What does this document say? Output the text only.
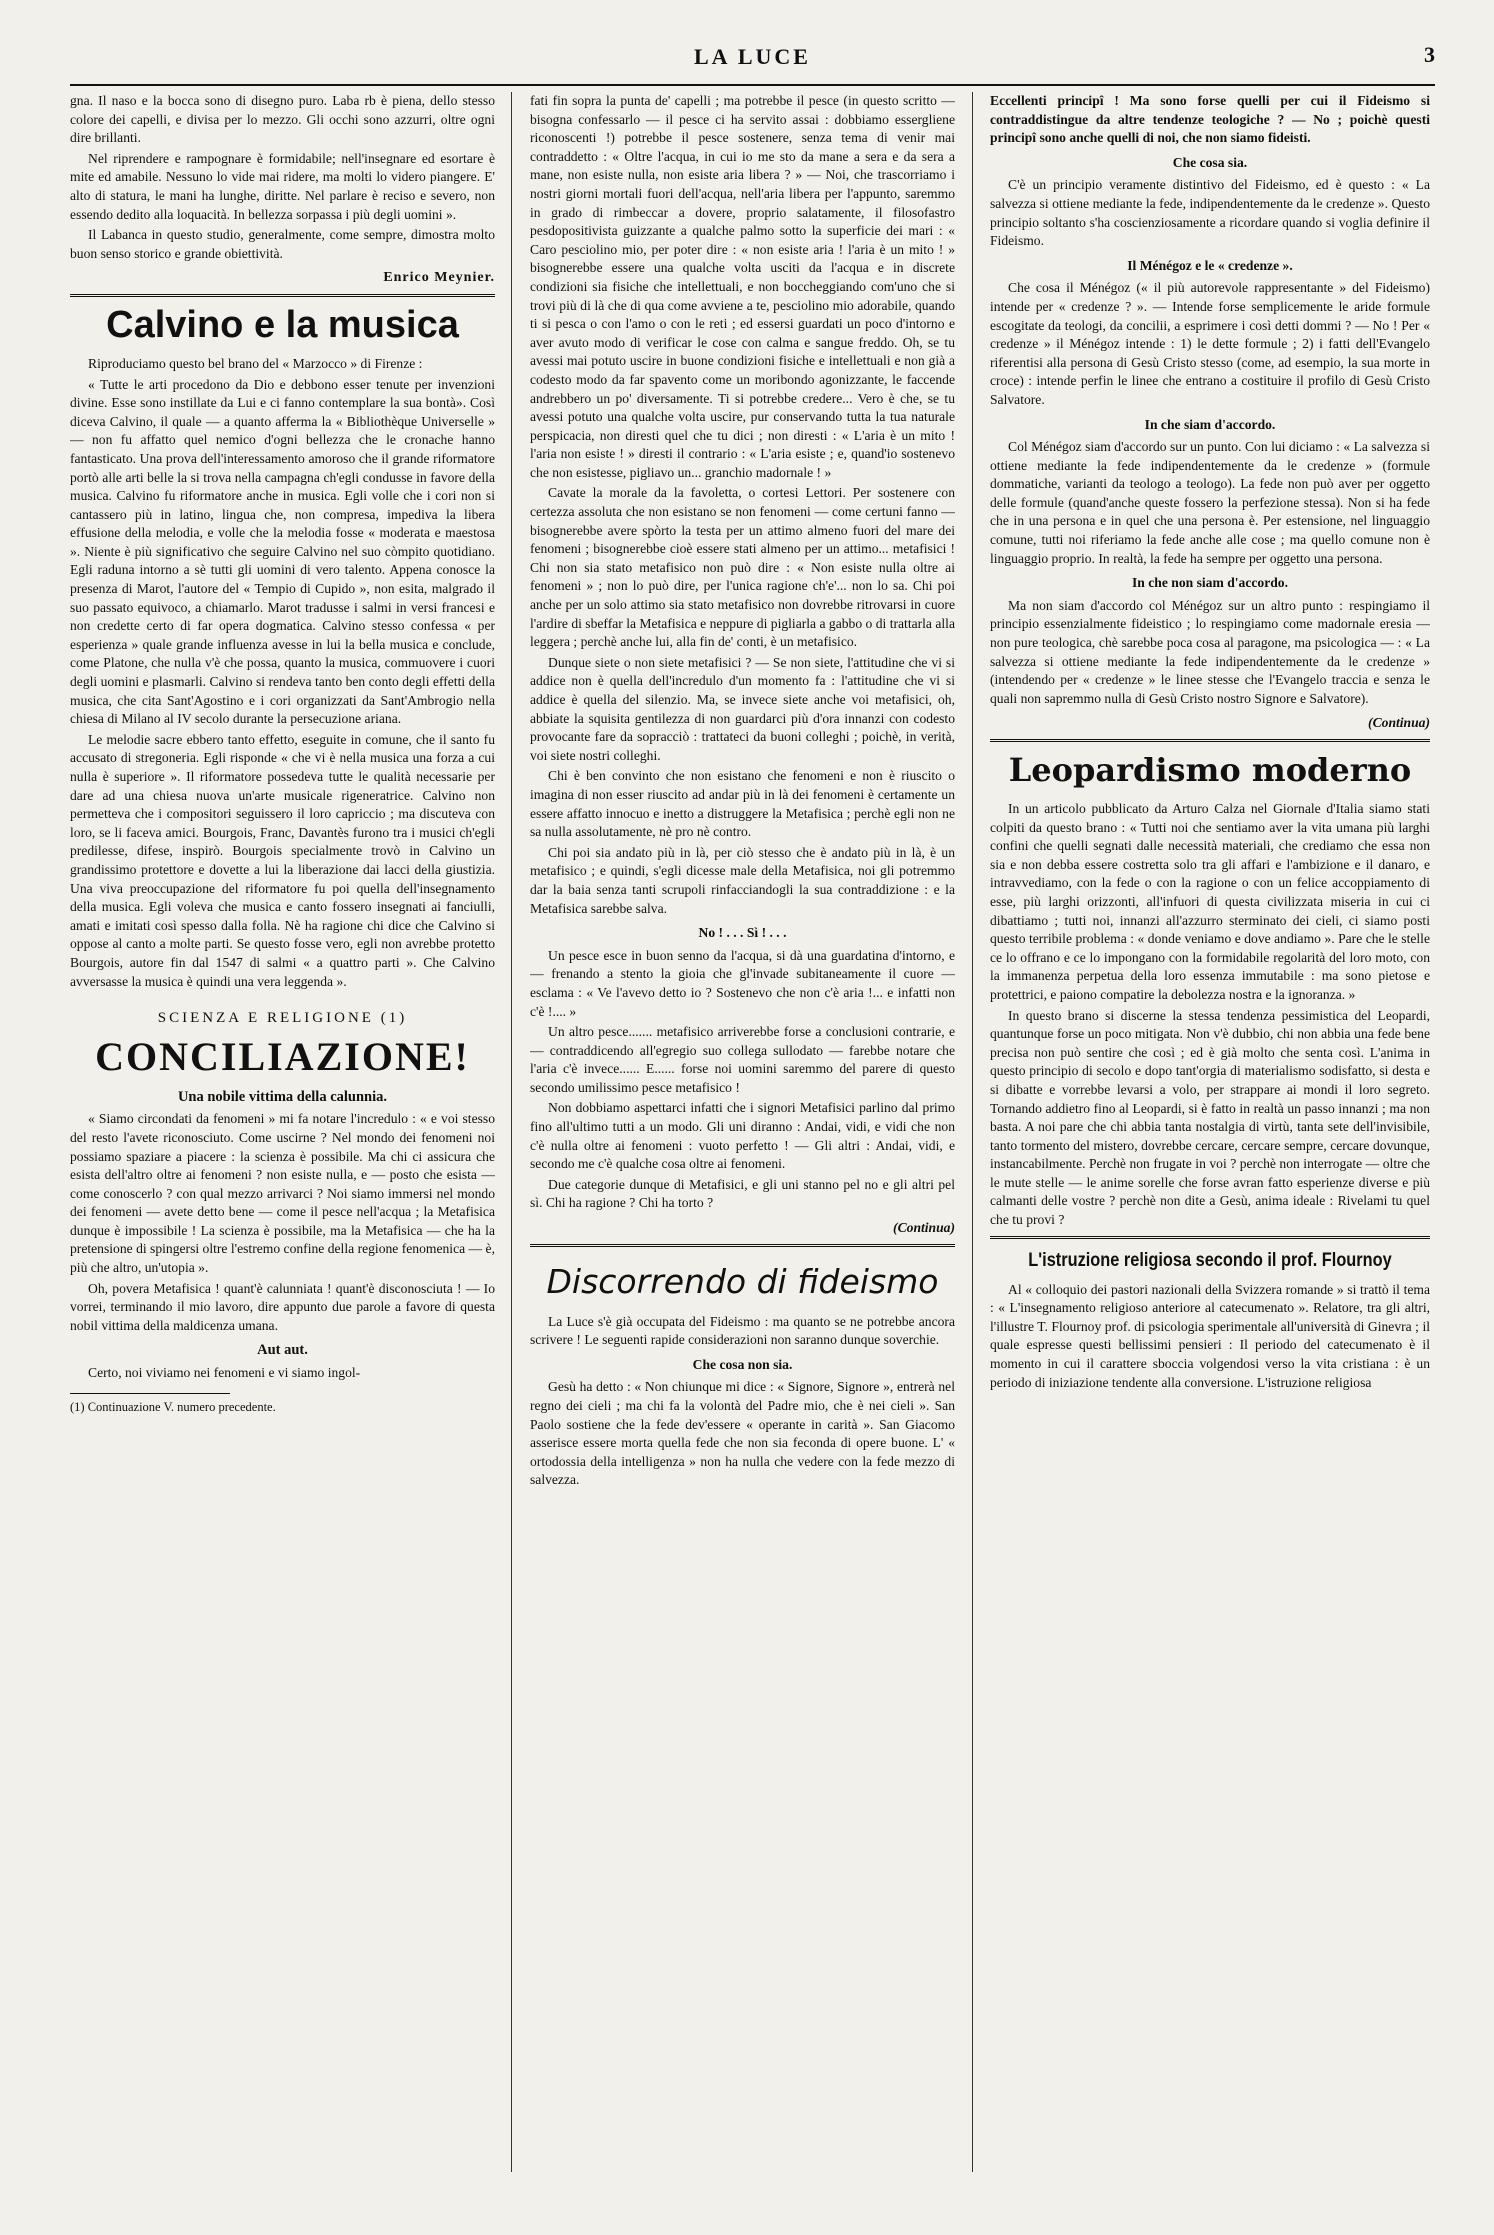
LA LUCE	3

gna. Il naso e la bocca sono di disegno puro. Laba rb è piena, dello stesso colore dei capelli, e divisa per lo mezzo. Gli occhi sono azzurri, oltre ogni dire brillanti.

Nel riprendere e rampognare è formidabile; nell'insegnare ed esortare è mite ed amabile. Nessuno lo vide mai ridere, ma molti lo videro piangere. E' alto di statura, le mani ha lunghe, diritte. Nel parlare è reciso e severo, non essendo dedito alla loquacità. In bellezza sorpassa i più degli uomini ».

Il Labanca in questo studio, generalmente, come sempre, dimostra molto buon senso storico e grande obiettività.

Enrico Meynier.
Calvino e la musica

Riproduciamo questo bel brano del « Marzocco » di Firenze :

« Tutte le arti procedono da Dio e debbono esser tenute per invenzioni divine. Esse sono instillate da Lui e ci fanno contemplare la sua bontà». Così diceva Calvino, il quale — a quanto afferma la « Bibliothèque Universelle » — non fu affatto quel nemico d'ogni bellezza che le cronache hanno fantasticato. Una prova dell'interessamento amoroso che il grande riformatore portò alle arti belle la si trova nella campagna ch'egli condusse in favore della musica. Calvino fu riformatore anche in musica. Egli volle che i cori non si cantassero più in latino, lingua che, non compresa, impediva la libera effusione della melodia, e volle che la melodia fosse « moderata e maestosa ». Niente è più significativo che seguire Calvino nel suo còmpito quotidiano. Egli raduna intorno a sè tutti gli uomini di vero talento. Appena conosce la presenza di Marot, l'autore del « Tempio di Cupido », non esita, malgrado il suo passato equivoco, a chiamarlo. Marot tradusse i salmi in versi francesi e non credette certo di far opera dogmatica. Calvino stesso confessa « per esperienza » quale grande influenza avesse in lui la bella musica e conclude, come Platone, che nulla v'è che possa, quanto la musica, commuovere i cuori degli uomini e plasmarli. Calvino si rendeva tanto ben conto degli effetti della musica, che cita Sant'Agostino e i cori organizzati da Sant'Ambrogio nella chiesa di Milano al IV secolo durante la persecuzione ariana.

Le melodie sacre ebbero tanto effetto, eseguite in comune, che il santo fu accusato di stregoneria. Egli risponde « che vi è nella musica una forza a cui nulla è superiore ». Il riformatore possedeva tutte le qualità necessarie per dare ad una chiesa nuova un'arte musicale rigeneratrice. Calvino non permetteva che i compositori seguissero il loro capriccio ; ma discuteva con loro, se li faceva amici. Bourgois, Franc, Davantès furono tra i musici ch'egli predilesse, difese, inspirò. Bourgois specialmente trovò in Calvino un grandissimo protettore e dovette a lui la liberazione dai lacci della giustizia. Una viva preoccupazione del riformatore fu poi quella dell'insegnamento della musica. Egli voleva che musica e canto fossero insegnati ai fanciulli, amati e imitati così spesso dalla folla. Nè ha ragione chi dice che Calvino si oppose al canto a molte parti. Se questo fosse vero, egli non avrebbe protetto Bourgois, autore fin dal 1547 di salmi « a quattro parti ». Che Calvino avversasse la musica è quindi una vera leggenda ».

SCIENZA E RELIGIONE (1)
CONCILIAZIONE!
Una nobile vittima della calunnia.

« Siamo circondati da fenomeni » mi fa notare l'incredulo : « e voi stesso del resto l'avete riconosciuto. Come uscirne ? Nel mondo dei fenomeni noi possiamo spaziare a piacere : la scienza è possibile. Ma chi ci assicura che esista dell'altro oltre ai fenomeni ? non esiste nulla, e — posto che esista — come conoscerlo ? con qual mezzo arrivarci ? Noi siamo immersi nel mondo dei fenomeni — avete detto bene — come il pesce nell'acqua ; la Metafisica dunque è impossibile ! La scienza è possibile, ma la Metafisica — che ha la pretensione di spingersi oltre l'estremo confine della regione fenomenica — è, più che altro, un'utopia ».

Oh, povera Metafisica ! quant'è calunniata ! quant'è disconosciuta ! — Io vorrei, terminando il mio lavoro, dire appunto due parole a favore di questa nobil vittima della maldicenza umana.

Aut aut.

Certo, noi viviamo nei fenomeni e vi siamo ingol-

(1) Continuazione V. numero precedente.

fati fin sopra la punta de' capelli ; ma potrebbe il pesce (in questo scritto — bisogna confessarlo — il pesce ci ha servito assai : dobbiamo essergliene riconoscenti !) potrebbe il pesce sostenere, senza tema di venir mai contraddetto : « Oltre l'acqua, in cui io me sto da mane a sera e da sera a mane, non esiste nulla, non esiste aria libera ? » — Noi, che trascorriamo i nostri giorni mortali fuori dell'acqua, nell'aria libera per l'appunto, saremmo in grado di rimbeccar a dovere, proprio salatamente, il filosofastro pesdopositivista guizzante a qualche palmo sotto la superficie dei mari : « Caro pesciolino mio, per poter dire : « non esiste aria ! l'aria è un mito ! » bisognerebbe essere una qualche volta usciti da l'acqua e in discrete condizioni sia fisiche che intellettuali, e non boccheggiando com'uno che si trovi più di là che di qua come avviene a te, pesciolino mio adorabile, quando ti si pesca o con l'amo o con le reti ; ed essersi guardati un poco d'intorno e aver avuto modo di verificar le cose con calma e sangue freddo. Oh, se tu avessi mai potuto uscire in buone condizioni fisiche e intellettuali e non già a codesto modo da far spavento come un moribondo agonizzante, le faccende andrebbero un po' diversamente. Ti si potrebbe credere... Vero è che, se tu avessi potuto una qualche volta uscire, pur conservando tutta la tua naturale perspicacia, non diresti quel che tu dici ; non diresti : « L'aria è un mito ! l'aria non esiste ! » diresti il contrario : « L'aria esiste ; e, quand'io sostenevo che non esistesse, pigliavo un... granchio madornale ! »

Cavate la morale da la favoletta, o cortesi Lettori. Per sostenere con certezza assoluta che non esistano se non fenomeni — come certuni fanno — bisognerebbe avere spòrto la testa per un attimo almeno fuori del mare dei fenomeni ; bisognerebbe cioè essere stati almeno per un attimo... metafisici ! Chi non sia stato metafisico non può dire : « Non esiste nulla oltre ai fenomeni » ; non lo può dire, per l'unica ragione ch'e'... non lo sa. Chi poi anche per un solo attimo sia stato metafisico non dovrebbe ritrovarsi in cuore l'ardire di sbeffar la Metafisica e neppure di pigliarla a gabbo o di trattarla alla leggera ; perchè anche lui, alla fin de' conti, è un metafisico.

Dunque siete o non siete metafisici ? — Se non siete, l'attitudine che vi si addice non è quella dell'incredulo d'un momento fa : l'attitudine che vi si addice è quella del silenzio. Ma, se invece siete anche voi metafisici, oh, abbiate la squisita gentilezza di non guardarci più d'ora innanzi con codesto provocante fare da sopracciò : trattateci da buoni colleghi ; poichè, in verità, voi siete nostri colleghi.

Chi è ben convinto che non esistano che fenomeni e non è riuscito o imagina di non esser riuscito ad andar più in là dei fenomeni è certamente un essere affatto innocuo e inetto a distruggere la Metafisica ; perchè egli non ne sa nulla assolutamente, nè pro nè contro.

Chi poi sia andato più in là, per ciò stesso che è andato più in là, è un metafisico ; e quindi, s'egli dicesse male della Metafisica, noi gli potremmo dar la baia senza tanti scrupoli rinfacciandogli la sua contraddizione : e la Metafisica sarebbe salva.

No ! . . . Sì ! . . .

Un pesce esce in buon senno da l'acqua, si dà una guardatina d'intorno, e — frenando a stento la gioia che gl'invade subitaneamente il cuore — esclama : « Ve l'avevo detto io ? Sostenevo che non c'è aria !... e infatti non c'è !.... »

Un altro pesce....... metafisico arriverebbe forse a conclusioni contrarie, e — contraddicendo all'egregio suo collega sullodato — farebbe notare che l'aria c'è invece...... E...... forse noi uomini saremmo del parere di questo secondo umilissimo pesce metafisico !

Non dobbiamo aspettarci infatti che i signori Metafisici parlino dal primo fino all'ultimo tutti a un modo. Gli uni diranno : Andai, vidi, e vidi che non c'è nulla oltre ai fenomeni : vuoto perfetto ! — Gli altri : Andai, vidi, e secondo me c'è qualche cosa oltre ai fenomeni.

Due categorie dunque di Metafisici, e gli uni stanno pel no e gli altri pel sì. Chi ha ragione ? Chi ha torto ?

(Continua)
Discorrendo di fideismo

La Luce s'è già occupata del Fideismo : ma quanto se ne potrebbe ancora scrivere ! Le seguenti rapide considerazioni non saranno dunque soverchie.

Che cosa non sia.

Gesù ha detto : « Non chiunque mi dice : « Signore, Signore », entrerà nel regno dei cieli ; ma chi fa la volontà del Padre mio, che è nei cieli ». San Paolo sostiene che la fede dev'essere « operante in carità ». San Giacomo asserisce essere morta quella fede che non sia feconda di opere buone. L' « ortodossia della intelligenza » non ha nulla che vedere con la fede mezzo di salvezza.

Eccellenti principî ! Ma sono forse quelli per cui il Fideismo si contraddistingue da altre tendenze teologiche ? — No ; poichè questi principî sono anche quelli di noi, che non siamo fideisti.

Che cosa sia.

C'è un principio veramente distintivo del Fideismo, ed è questo : « La salvezza si ottiene mediante la fede, indipendentemente da le credenze ». Questo principio soltanto s'ha coscienziosamente a ricordare quando si voglia definire il Fideismo.

Il Ménégoz e le « credenze ».

Che cosa il Ménégoz (« il più autorevole rappresentante » del Fideismo) intende per « credenze ? ». — Intende forse semplicemente le aride formule escogitate da teologi, da concilii, a esprimere i così detti dommi ? — No ! Per « credenze » il Ménégoz intende : 1) le dette formule ; 2) i fatti dell'Evangelo riferentisi alla persona di Gesù Cristo stesso (come, ad esempio, la sua morte in croce) : intende perfin le linee che entrano a costituire il profilo di Gesù Cristo Salvatore.

In che siam d'accordo.

Col Ménégoz siam d'accordo sur un punto. Con lui diciamo : « La salvezza si ottiene mediante la fede indipendentemente da le credenze » (formule dommatiche, varianti da teologo a teologo). La fede non può aver per oggetto delle formule (quand'anche queste fossero la perfezione stessa). Non si ha fede che in una persona e in quel che una persona è. Per estensione, nel linguaggio comune, tutti noi riferiamo la fede anche alle cose ; ma quello comune non è linguaggio proprio. In realtà, la fede ha sempre per oggetto una persona.

In che non siam d'accordo.

Ma non siam d'accordo col Ménégoz sur un altro punto : respingiamo il principio essenzialmente fideistico ; lo respingiamo come madornale eresia — non pure teologica, chè sarebbe poca cosa al paragone, ma psicologica — : « La salvezza si ottiene mediante la fede indipendentemente da le credenze » (intendendo per « credenze » le linee stesse che l'Evangelo traccia e senza le quali non sapremmo nulla di Gesù Cristo nostro Signore e Salvatore).

(Continua)
Leopardismo moderno

In un articolo pubblicato da Arturo Calza nel Giornale d'Italia siamo stati colpiti da questo brano : « Tutti noi che sentiamo aver la vita umana più larghi confini che quelli segnati dalle necessità materiali, che crediamo che essa non sia e non debba essere costretta solo tra gli affari e l'ambizione e il danaro, e intravvediamo, con la fede o con la ragione o con un felice accoppiamento di esse, più larghi orizzonti, all'infuori di questa civilizzata miseria in cui ci dibattiamo ; tutti noi, innanzi all'azzurro sterminato dei cieli, ci siamo posti questo terribile problema : « donde veniamo e dove andiamo ». Pare che le stelle ce lo offrano e ce lo impongano con la formidabile regolarità del loro moto, con la immanenza perpetua della loro essenza immutabile : ma sono pietose e protettrici, e paiono compatire la debolezza nostra e la ignoranza. »

In questo brano si discerne la stessa tendenza pessimistica del Leopardi, quantunque forse un poco mitigata. Non v'è dubbio, chi non abbia una fede bene precisa non può sentire che così ; ed è già molto che senta così. L'anima in questo principio di secolo e dopo tant'orgia di materialismo sodisfatto, si desta e si dibatte e vorrebbe levarsi a volo, per strappare ai mondi il loro segreto. Tornando addietro fino al Leopardi, si è fatto in realtà un passo innanzi ; ma non basta. A noi pare che chi abbia tanta nostalgia di virtù, tanta sete dell'invisibile, tanto tormento del mistero, dovrebbe cercare, cercare sempre, cercare dovunque, instancabilmente. Perchè non frugate in voi ? perchè non interrogate — oltre che le mute stelle — le anime sorelle che forse avran fatto esperienze diverse e più calmanti delle vostre ? perchè non dite a Gesù, anima ideale : Rivelami tu quel che tu provi ?

L'istruzione religiosa secondo il prof. Flournoy

Al « colloquio dei pastori nazionali della Svizzera romande » si trattò il tema : « L'insegnamento religioso anteriore al catecumenato ». Relatore, tra gli altri, l'illustre T. Flournoy prof. di psicologia sperimentale all'università di Ginevra ; il quale espresse questi bellissimi pensieri : Il periodo del catecumenato è il momento in cui il carattere sboccia volgendosi verso la vita cristiana : è un periodo di iniziazione tendente alla conversione. L'istruzione religiosa
